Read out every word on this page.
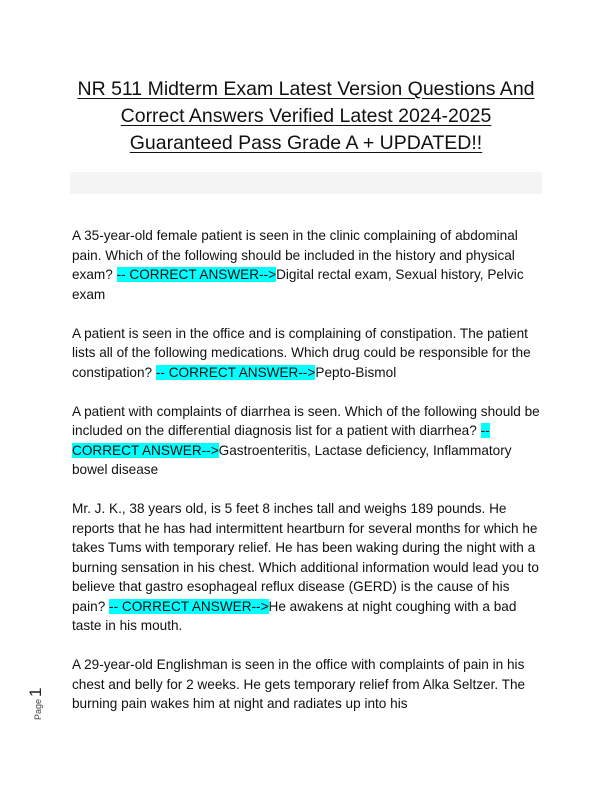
NR 511 Midterm Exam Latest Version Questions And
Correct Answers Verified Latest 2024-2025
Guaranteed Pass Grade A + UPDATED!!

A 35-year-old female patient is seen in the clinic complaining of abdominal pain. Which of the following should be included in the history and physical exam? -- CORRECT ANSWER-->Digital rectal exam, Sexual history, Pelvic exam

A patient is seen in the office and is complaining of constipation. The patient lists all of the following medications. Which drug could be responsible for the constipation? -- CORRECT ANSWER-->Pepto-Bismol

A patient with complaints of diarrhea is seen. Which of the following should be included on the differential diagnosis list for a patient with diarrhea? -- CORRECT ANSWER-->Gastroenteritis, Lactase deficiency, Inflammatory bowel disease

Mr. J. K., 38 years old, is 5 feet 8 inches tall and weighs 189 pounds. He reports that he has had intermittent heartburn for several months for which he takes Tums with temporary relief. He has been waking during the night with a burning sensation in his chest. Which additional information would lead you to believe that gastro esophageal reflux disease (GERD) is the cause of his pain? -- CORRECT ANSWER-->He awakens at night coughing with a bad taste in his mouth.

A 29-year-old Englishman is seen in the office with complaints of pain in his chest and belly for 2 weeks. He gets temporary relief from Alka Seltzer. The burning pain wakes him at night and radiates up into his

Page
1
